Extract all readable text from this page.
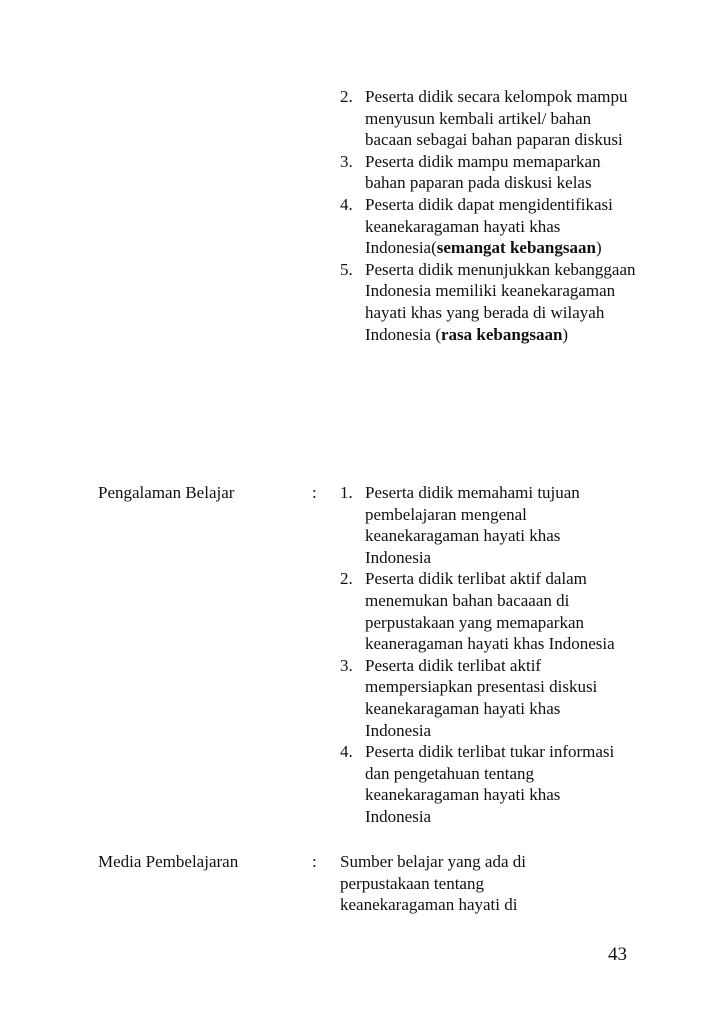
2. Peserta didik secara kelompok mampu menyusun kembali artikel/ bahan bacaan sebagai bahan paparan diskusi
3. Peserta didik mampu memaparkan bahan paparan pada diskusi kelas
4. Peserta didik dapat mengidentifikasi keanekaragaman hayati khas Indonesia(semangat kebangsaan)
5. Peserta didik menunjukkan kebanggaan Indonesia memiliki keanekaragaman hayati khas yang berada di wilayah Indonesia (rasa kebangsaan)
Pengalaman Belajar	: 1. Peserta didik memahami tujuan pembelajaran mengenal keanekaragaman hayati khas Indonesia
2. Peserta didik terlibat aktif dalam menemukan bahan bacaaan di perpustakaan yang memaparkan keaneragaman hayati khas Indonesia
3. Peserta didik terlibat aktif mempersiapkan presentasi diskusi keanekaragaman hayati khas Indonesia
4. Peserta didik terlibat tukar informasi dan pengetahuan tentang keanekaragaman hayati khas Indonesia
Media Pembelajaran	: Sumber belajar yang ada di perpustakaan tentang keanekaragaman hayati di
43
